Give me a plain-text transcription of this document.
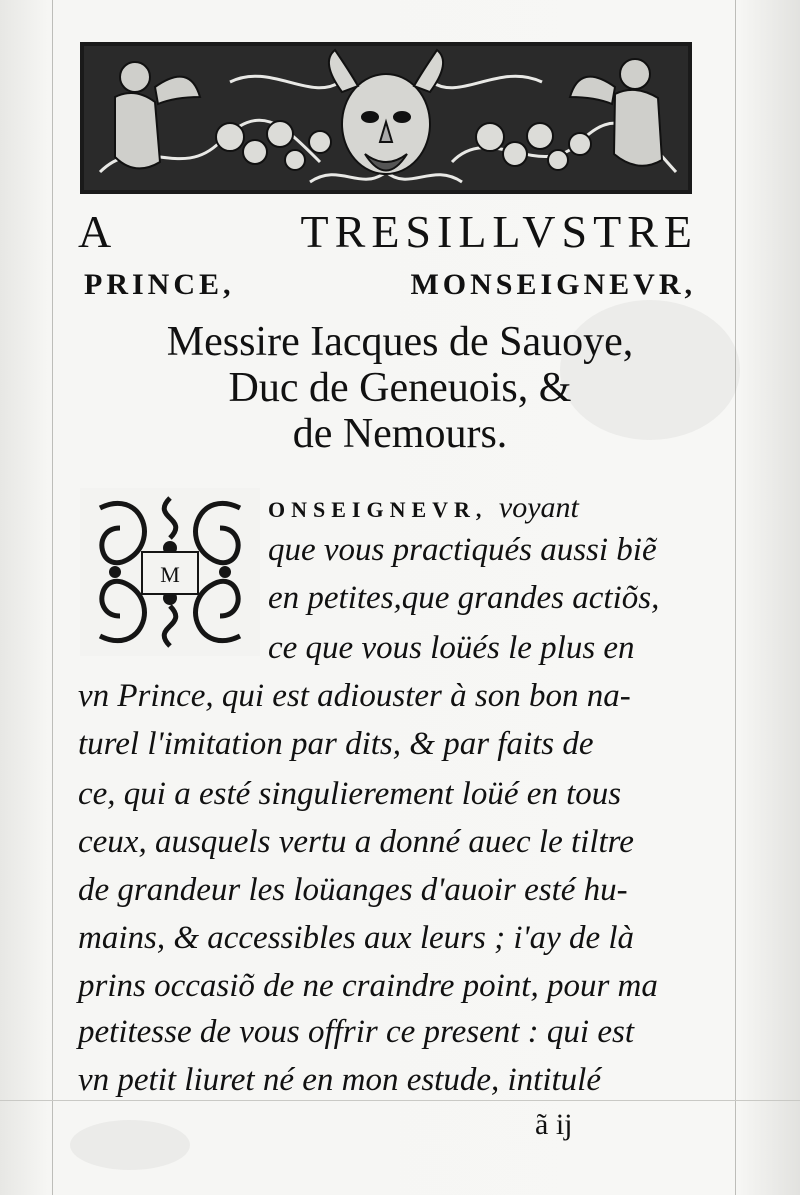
A TRESILLVSTRE
PRINCE, MONSEIGNEVR,
Messire Iacques de Sauoye,
Duc de Geneuois, &
de Nemours.
M
ONSEIGNEVR, voyant
que vous practiqués aussi biẽ
en petites,que grandes actiõs,
ce que vous loüés le plus en
vn Prince, qui est adiouster à son bon na-
turel l'imitation par dits, & par faits de
ce, qui a esté singulierement loüé en tous
ceux, ausquels vertu a donné auec le tiltre
de grandeur les loüanges d'auoir esté hu-
mains, & accessibles aux leurs ; i'ay de là
prins occasiõ de ne craindre point, pour ma
petitesse de vous offrir ce present : qui est
vn petit liuret né en mon estude, intitulé
ã ij
